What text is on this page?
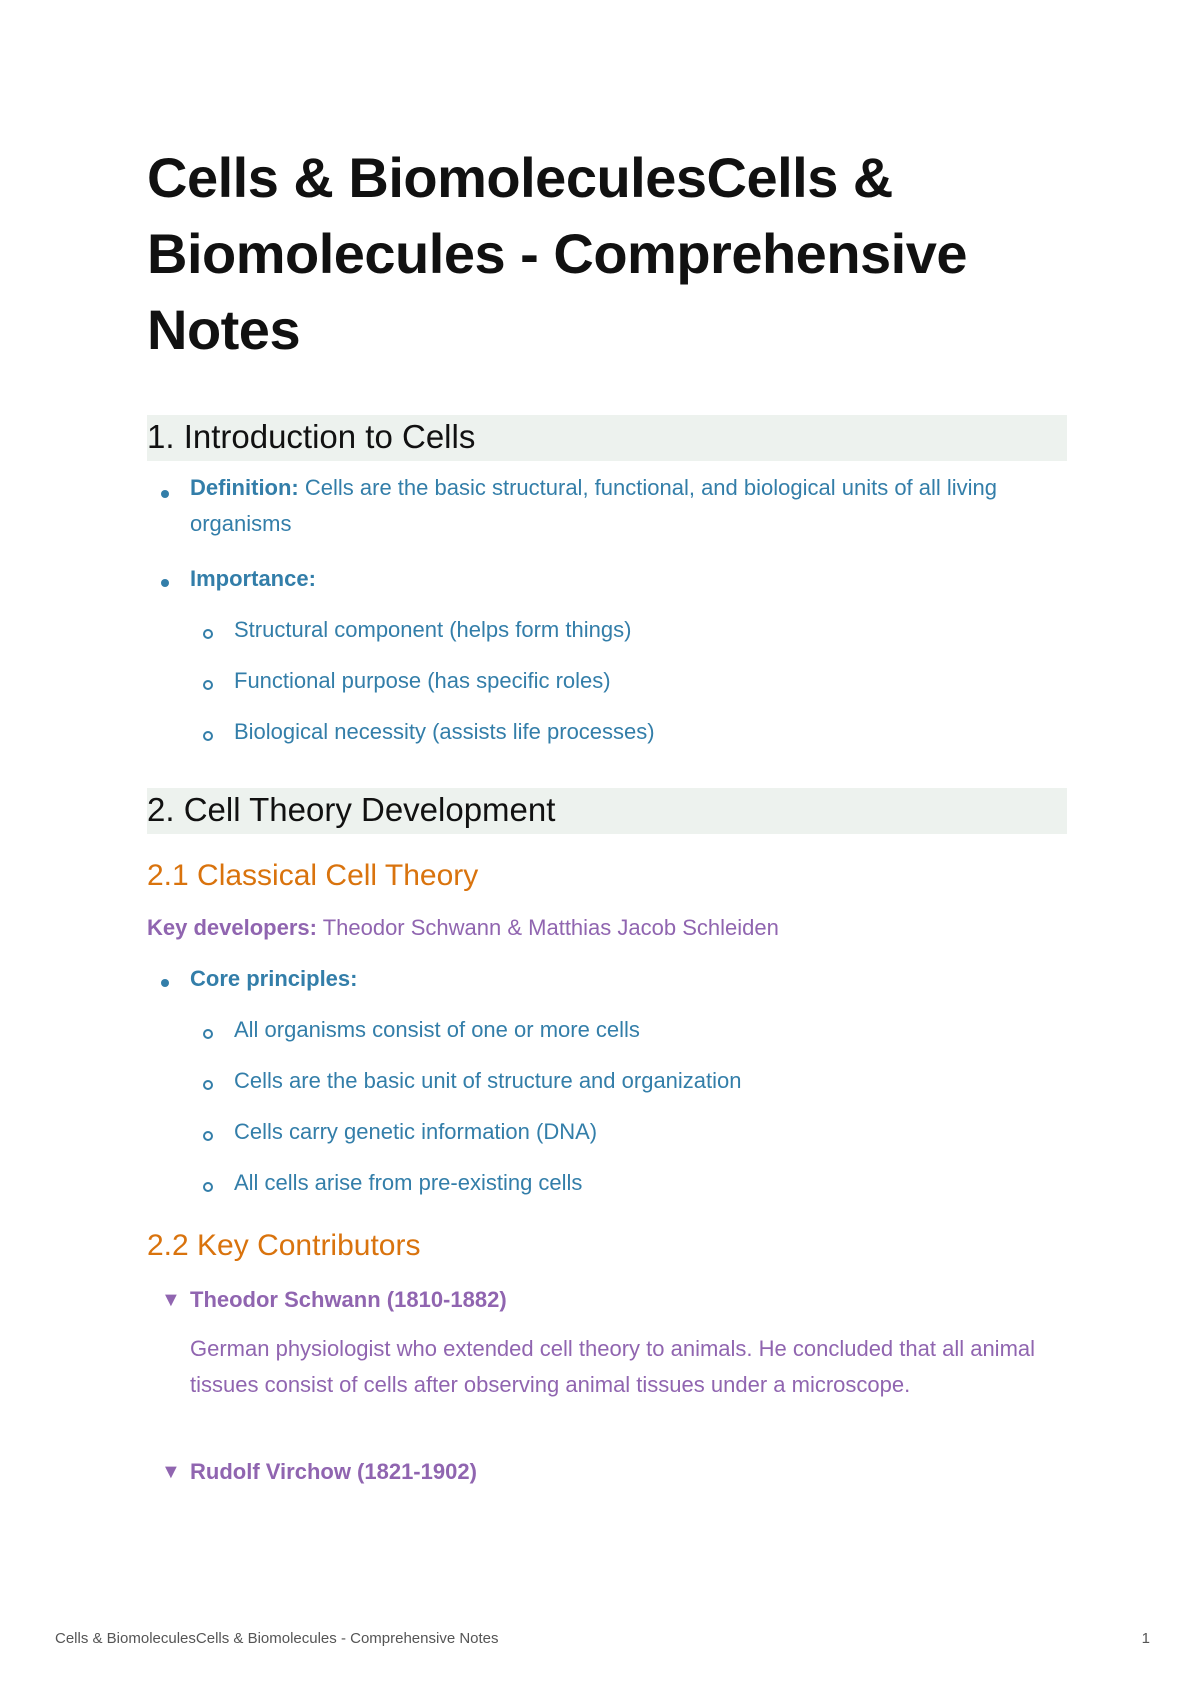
Cells & BiomoleculesCells & Biomolecules - Comprehensive Notes
1. Introduction to Cells
Definition: Cells are the basic structural, functional, and biological units of all living organisms
Importance:
Structural component (helps form things)
Functional purpose (has specific roles)
Biological necessity (assists life processes)
2. Cell Theory Development
2.1 Classical Cell Theory
Key developers: Theodor Schwann & Matthias Jacob Schleiden
Core principles:
All organisms consist of one or more cells
Cells are the basic unit of structure and organization
Cells carry genetic information (DNA)
All cells arise from pre-existing cells
2.2 Key Contributors
▼ Theodor Schwann (1810-1882)
German physiologist who extended cell theory to animals. He concluded that all animal tissues consist of cells after observing animal tissues under a microscope.
▼ Rudolf Virchow (1821-1902)
Cells & BiomoleculesCells & Biomolecules - Comprehensive Notes	1
